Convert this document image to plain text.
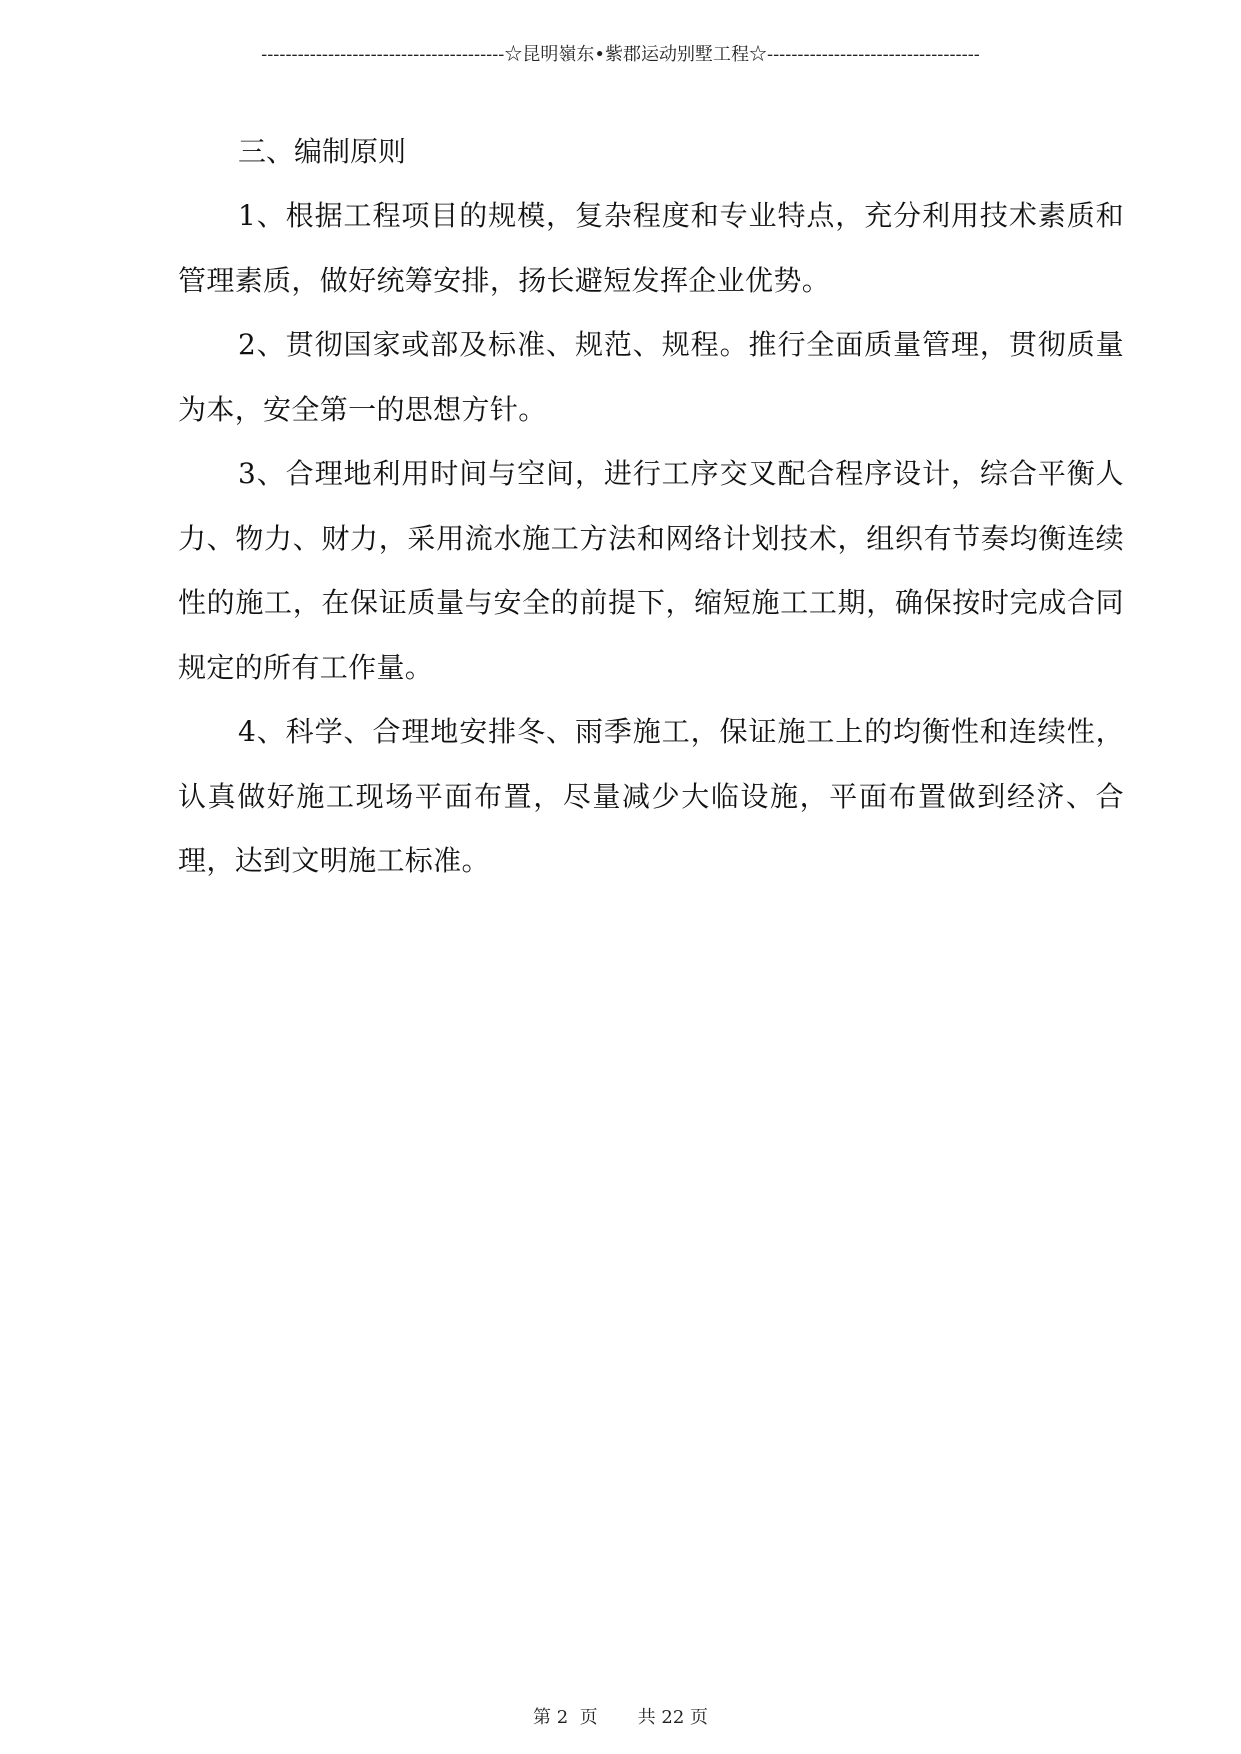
----------------------------------------☆昆明嶺东•紫郡运动别墅工程☆-----------------------------------
三、编制原则

1、根据工程项目的规模，复杂程度和专业特点，充分利用技术素质和管理素质，做好统筹安排，扬长避短发挥企业优势。

2、贯彻国家或部及标准、规范、规程。推行全面质量管理，贯彻质量为本，安全第一的思想方针。

3、合理地利用时间与空间，进行工序交叉配合程序设计，综合平衡人力、物力、财力，采用流水施工方法和网络计划技术，组织有节奏均衡连续性的施工，在保证质量与安全的前提下，缩短施工工期，确保按时完成合同规定的所有工作量。

4、科学、合理地安排冬、雨季施工，保证施工上的均衡性和连续性，认真做好施工现场平面布置，尽量减少大临设施，平面布置做到经济、合理，达到文明施工标准。

第 2  页       共 22 页
